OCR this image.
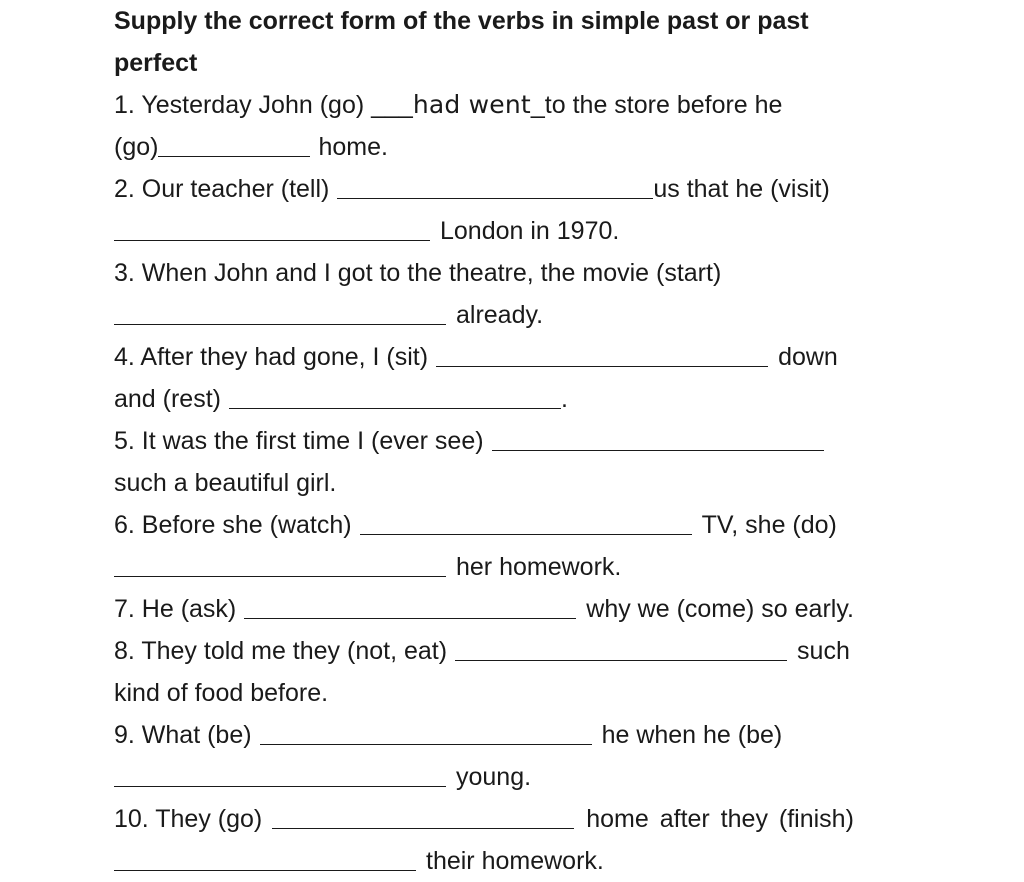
Supply the correct form of the verbs in simple past or past
perfect
1. Yesterday John (go) ___had went_to the store before he
(go)	home.
2. Our teacher (tell)	us that he (visit)
London in 1970.
3. When John and I got to the theatre, the movie (start)
already.
4. After they had gone, I (sit)	down
and (rest)	.
5. It was the first time I (ever see)
such a beautiful girl.
6. Before she (watch)	TV, she (do)
her homework.
7. He (ask)	why we (come) so early.
8. They told me they (not, eat)	such
kind of food before.
9. What (be)	he when he (be)
young.
10. They (go)	home after they (finish)
their homework.
